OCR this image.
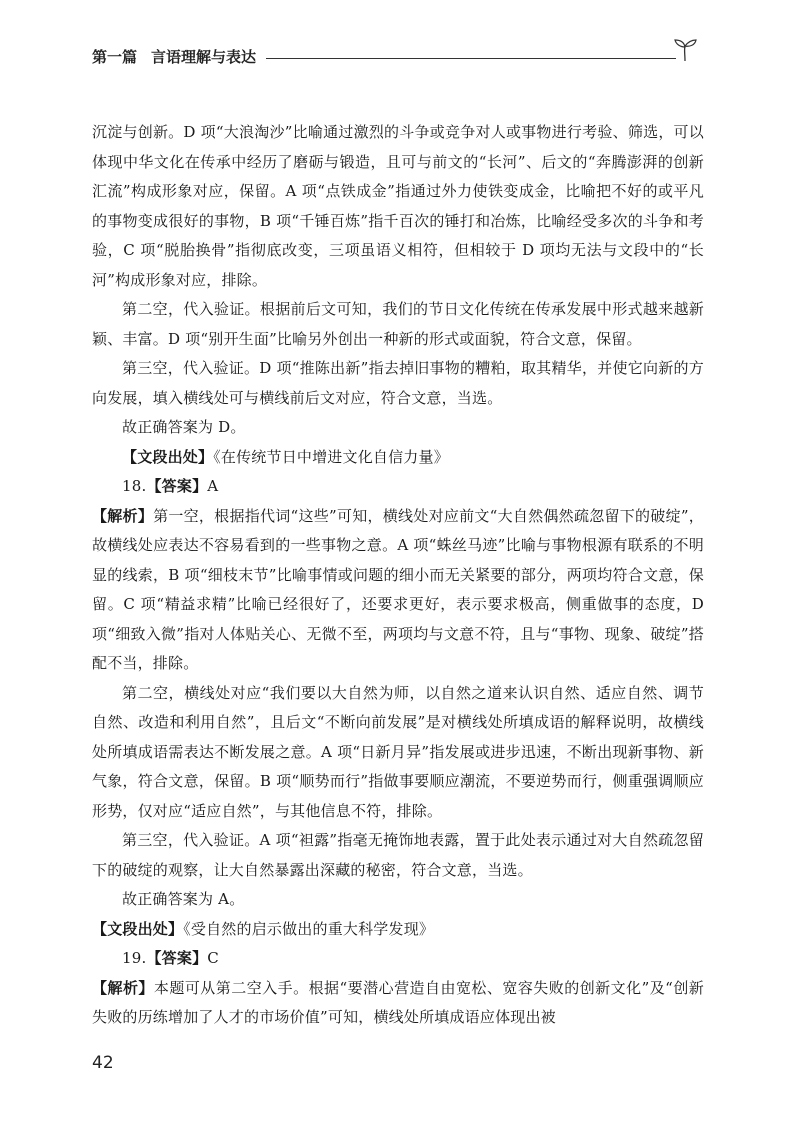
第一篇 言语理解与表达

沉淀与创新。D 项“大浪淘沙”比喻通过激烈的斗争或竞争对人或事物进行考验、筛选，可以体现中华文化在传承中经历了磨砺与锻造，且可与前文的“长河”、后文的“奔腾澎湃的创新汇流”构成形象对应，保留。A 项“点铁成金”指通过外力使铁变成金，比喻把不好的或平凡的事物变成很好的事物，B 项“千锤百炼”指千百次的锤打和冶炼，比喻经受多次的斗争和考验，C 项“脱胎换骨”指彻底改变，三项虽语义相符，但相较于 D 项均无法与文段中的“长河”构成形象对应，排除。

第二空，代入验证。根据前后文可知，我们的节日文化传统在传承发展中形式越来越新颖、丰富。D 项“别开生面”比喻另外创出一种新的形式或面貌，符合文意，保留。

第三空，代入验证。D 项“推陈出新”指去掉旧事物的糟粕，取其精华，并使它向新的方向发展，填入横线处可与横线前后文对应，符合文意，当选。

故正确答案为 D。

【文段出处】《在传统节日中增进文化自信力量》

18.【答案】A

【解析】第一空，根据指代词“这些”可知，横线处对应前文“大自然偶然疏忽留下的破绽”，故横线处应表达不容易看到的一些事物之意。A 项“蛛丝马迹”比喻与事物根源有联系的不明显的线索，B 项“细枝末节”比喻事情或问题的细小而无关紧要的部分，两项均符合文意，保留。C 项“精益求精”比喻已经很好了，还要求更好，表示要求极高，侧重做事的态度，D 项“细致入微”指对人体贴关心、无微不至，两项均与文意不符，且与“事物、现象、破绽”搭配不当，排除。

第二空，横线处对应“我们要以大自然为师，以自然之道来认识自然、适应自然、调节自然、改造和利用自然”，且后文“不断向前发展”是对横线处所填成语的解释说明，故横线处所填成语需表达不断发展之意。A 项“日新月异”指发展或进步迅速，不断出现新事物、新气象，符合文意，保留。B 项“顺势而行”指做事要顺应潮流，不要逆势而行，侧重强调顺应形势，仅对应“适应自然”，与其他信息不符，排除。

第三空，代入验证。A 项“袒露”指毫无掩饰地表露，置于此处表示通过对大自然疏忽留下的破绽的观察，让大自然暴露出深藏的秘密，符合文意，当选。

故正确答案为 A。

【文段出处】《受自然的启示做出的重大科学发现》

19.【答案】C

【解析】本题可从第二空入手。根据“要潜心营造自由宽松、宽容失败的创新文化”及“创新失败的历练增加了人才的市场价值”可知，横线处所填成语应体现出被

42
